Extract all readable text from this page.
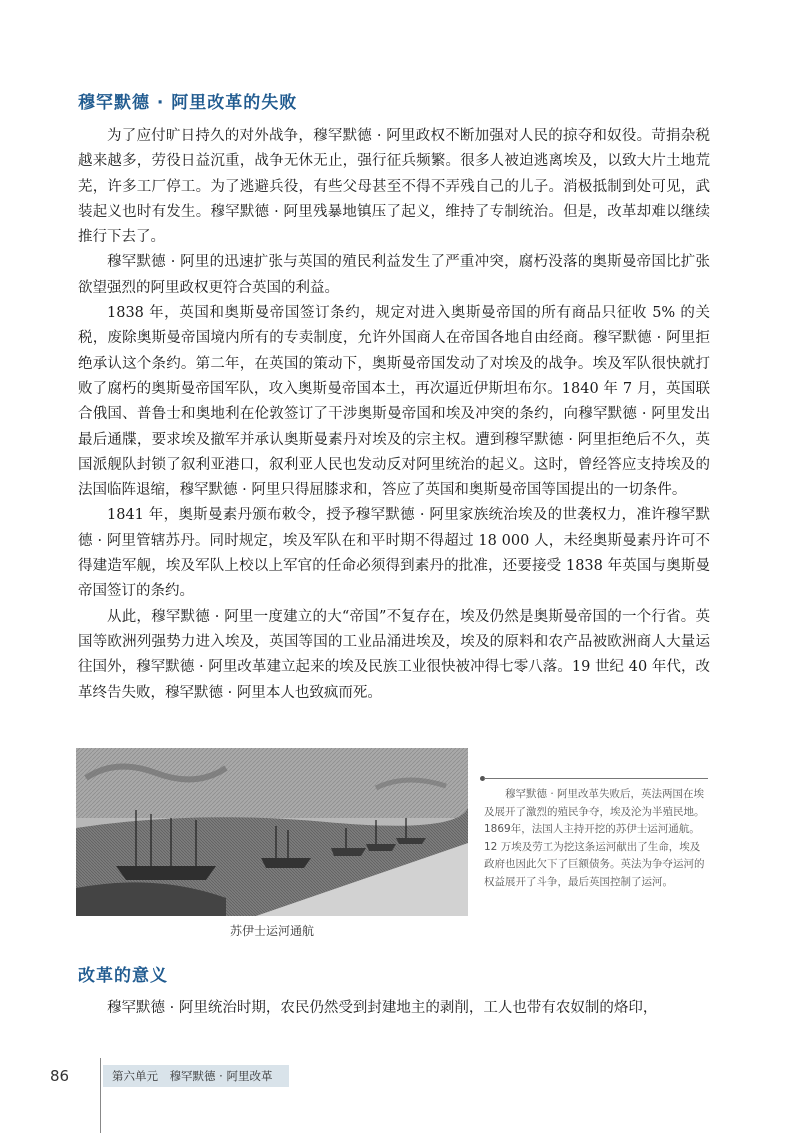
穆罕默德 · 阿里改革的失败

为了应付旷日持久的对外战争，穆罕默德 · 阿里政权不断加强对人民的掠夺和奴役。苛捐杂税越来越多，劳役日益沉重，战争无休无止，强行征兵频繁。很多人被迫逃离埃及，以致大片土地荒芜，许多工厂停工。为了逃避兵役，有些父母甚至不得不弄残自己的儿子。消极抵制到处可见，武装起义也时有发生。穆罕默德 · 阿里残暴地镇压了起义，维持了专制统治。但是，改革却难以继续推行下去了。

穆罕默德 · 阿里的迅速扩张与英国的殖民利益发生了严重冲突，腐朽没落的奥斯曼帝国比扩张欲望强烈的阿里政权更符合英国的利益。

1838 年，英国和奥斯曼帝国签订条约，规定对进入奥斯曼帝国的所有商品只征收 5% 的关税，废除奥斯曼帝国境内所有的专卖制度，允许外国商人在帝国各地自由经商。穆罕默德 · 阿里拒绝承认这个条约。第二年，在英国的策动下，奥斯曼帝国发动了对埃及的战争。埃及军队很快就打败了腐朽的奥斯曼帝国军队，攻入奥斯曼帝国本土，再次逼近伊斯坦布尔。1840 年 7 月，英国联合俄国、普鲁士和奥地利在伦敦签订了干涉奥斯曼帝国和埃及冲突的条约，向穆罕默德 · 阿里发出最后通牒，要求埃及撤军并承认奥斯曼素丹对埃及的宗主权。遭到穆罕默德 · 阿里拒绝后不久，英国派舰队封锁了叙利亚港口，叙利亚人民也发动反对阿里统治的起义。这时，曾经答应支持埃及的法国临阵退缩，穆罕默德 · 阿里只得屈膝求和，答应了英国和奥斯曼帝国等国提出的一切条件。

1841 年，奥斯曼素丹颁布敕令，授予穆罕默德 · 阿里家族统治埃及的世袭权力，准许穆罕默德 · 阿里管辖苏丹。同时规定，埃及军队在和平时期不得超过 18 000 人，未经奥斯曼素丹许可不得建造军舰，埃及军队上校以上军官的任命必须得到素丹的批准，还要接受 1838 年英国与奥斯曼帝国签订的条约。

从此，穆罕默德 · 阿里一度建立的大“帝国”不复存在，埃及仍然是奥斯曼帝国的一个行省。英国等欧洲列强势力进入埃及，英国等国的工业品涌进埃及，埃及的原料和农产品被欧洲商人大量运往国外，穆罕默德 · 阿里改革建立起来的埃及民族工业很快被冲得七零八落。19 世纪 40 年代，改革终告失败，穆罕默德 · 阿里本人也致疯而死。

苏伊士运河通航

穆罕默德 · 阿里改革失败后，英法两国在埃及展开了激烈的殖民争夺，埃及沦为半殖民地。1869年，法国人主持开挖的苏伊士运河通航。12 万埃及劳工为挖这条运河献出了生命，埃及政府也因此欠下了巨额债务。英法为争夺运河的权益展开了斗争，最后英国控制了运河。

改革的意义

穆罕默德 · 阿里统治时期，农民仍然受到封建地主的剥削，工人也带有农奴制的烙印，

86	第六单元　穆罕默德 · 阿里改革
